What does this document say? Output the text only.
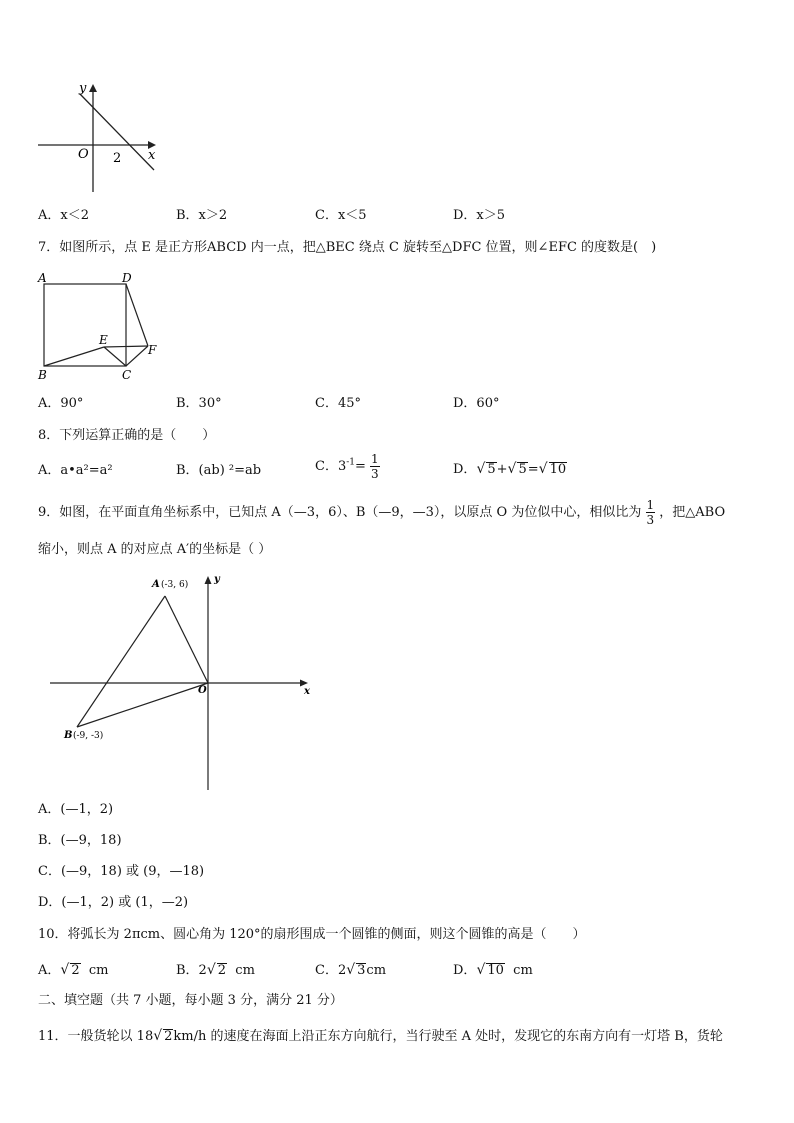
y
x
O 2
A．x＜2	B．x＞2	C．x＜5	D．x＞5
7．如图所示，点 E 是正方形ABCD 内一点，把△BEC 绕点 C 旋转至△DFC 位置，则∠EFC 的度数是(　)
A	D
E
F
B	C
A．90°	B．30°	C．45°	D．60°
8．下列运算正确的是（　　）
A．a•a²=a²	B．(ab) ²=ab	C．$3^{-1}= \frac{1}{3}$	D．√ 5+√ 5=√ 10
9．如图，在平面直角坐标系中，已知点 A（—3，6）、B（—9，—3），以原点 O 为位似中心，相似比为 $\frac{1}{3}$ ，把△ABO
缩小，则点 A 的对应点 A′的坐标是（ ）
A (-3, 6)
B (-9, -3)
O	x
y
A．(—1，2)
B．(—9，18)
C．(—9，18) 或 (9，—18)
D．(—1，2) 或 (1，—2)
10．将弧长为 2πcm、圆心角为 120°的扇形围成一个圆锥的侧面，则这个圆锥的高是（　　）
A．√ 2 cm	B．2√ 2 cm	C．2√ 3cm	D．√ 10 cm
二、填空题（共 7 小题，每小题 3 分，满分 21 分）
11．一般货轮以 18√ 2km/h 的速度在海面上沿正东方向航行，当行驶至 A 处时，发现它的东南方向有一灯塔 B，货轮
